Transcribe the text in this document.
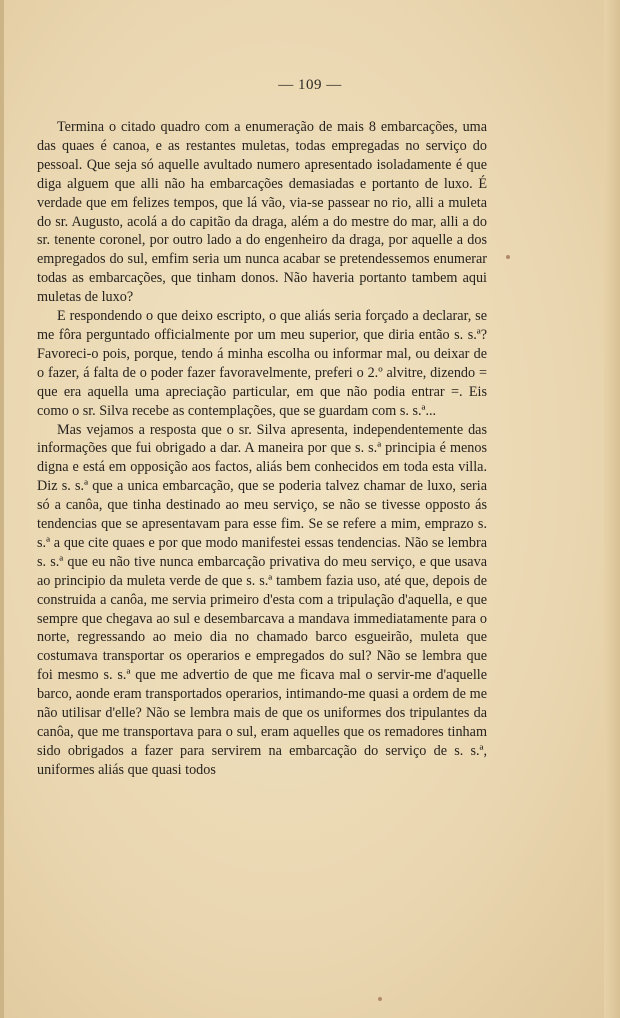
— 109 —

Termina o citado quadro com a enumeração de mais 8 embarcações, uma das quaes é canoa, e as restantes muletas, todas empregadas no serviço do pessoal. Que seja só aquelle avultado numero apresentado isoladamente é que diga alguem que alli não ha embarcações demasiadas e portanto de luxo. É verdade que em felizes tempos, que lá vão, via-se passear no rio, alli a muleta do sr. Augusto, acolá a do capitão da draga, além a do mestre do mar, alli a do sr. tenente coronel, por outro lado a do engenheiro da draga, por aquelle a dos empregados do sul, emfim seria um nunca acabar se pretendessemos enumerar todas as embarcações, que tinham donos. Não haveria portanto tambem aqui muletas de luxo?

E respondendo o que deixo escripto, o que aliás seria forçado a declarar, se me fôra perguntado officialmente por um meu superior, que diria então s. s.ª? Favoreci-o pois, porque, tendo á minha escolha ou informar mal, ou deixar de o fazer, á falta de o poder fazer favoravelmente, preferi o 2.º alvitre, dizendo = que era aquella uma apreciação particular, em que não podia entrar =. Eis como o sr. Silva recebe as contemplações, que se guardam com s. s.ª...

Mas vejamos a resposta que o sr. Silva apresenta, independentemente das informações que fui obrigado a dar. A maneira por que s. s.ª principia é menos digna e está em opposição aos factos, aliás bem conhecidos em toda esta villa. Diz s. s.ª que a unica embarcação, que se poderia talvez chamar de luxo, seria só a canôa, que tinha destinado ao meu serviço, se não se tivesse opposto ás tendencias que se apresentavam para esse fim. Se se refere a mim, emprazo s. s.ª a que cite quaes e por que modo manifestei essas tendencias. Não se lembra s. s.ª que eu não tive nunca embarcação privativa do meu serviço, e que usava ao principio da muleta verde de que s. s.ª tambem fazia uso, até que, depois de construida a canôa, me servia primeiro d'esta com a tripulação d'aquella, e que sempre que chegava ao sul e desembarcava a mandava immediatamente para o norte, regressando ao meio dia no chamado barco esgueirão, muleta que costumava transportar os operarios e empregados do sul? Não se lembra que foi mesmo s. s.ª que me advertio de que me ficava mal o servir-me d'aquelle barco, aonde eram transportados operarios, intimando-me quasi a ordem de me não utilisar d'elle? Não se lembra mais de que os uniformes dos tripulantes da canôa, que me transportava para o sul, eram aquelles que os remadores tinham sido obrigados a fazer para servirem na embarcação do serviço de s. s.ª, uniformes aliás que quasi todos
